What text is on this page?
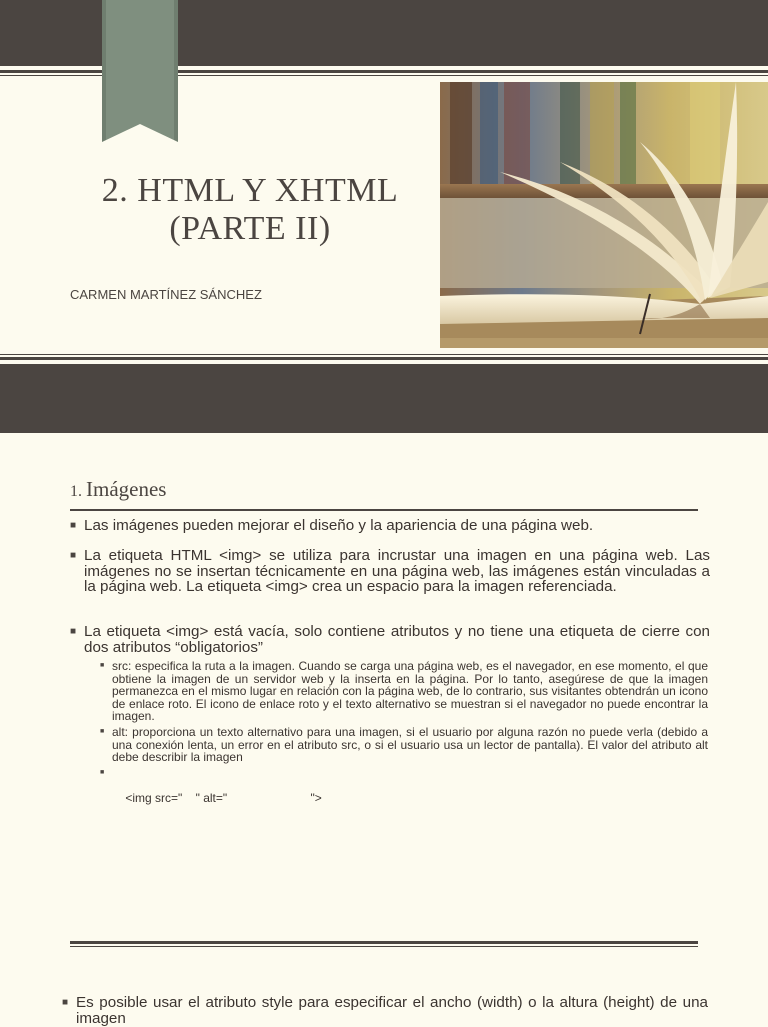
2. HTML Y XHTML
(PARTE II)
CARMEN MARTÍNEZ SÁNCHEZ
1. Imágenes
■ Las imágenes pueden mejorar el diseño y la apariencia de una página web.
■ La etiqueta HTML <img> se utiliza para incrustar una imagen en una página web. Las imágenes no se insertan técnicamente en una página web, las imágenes están vinculadas a la página web. La etiqueta <img> crea un espacio para la imagen referenciada.
■ La etiqueta <img> está vacía, solo contiene atributos y no tiene una etiqueta de cierre con dos atributos “obligatorios”
■ src: especifica la ruta a la imagen. Cuando se carga una página web, es el navegador, en ese momento, el que obtiene la imagen de un servidor web y la inserta en la página. Por lo tanto, asegúrese de que la imagen permanezca en el mismo lugar en relación con la página web, de lo contrario, sus visitantes obtendrán un icono de enlace roto. El icono de enlace roto y el texto alternativo se muestran si el navegador no puede encontrar la imagen.
■ alt: proporciona un texto alternativo para una imagen, si el usuario por alguna razón no puede verla (debido a una conexión lenta, un error en el atributo src, o si el usuario usa un lector de pantalla). El valor del atributo alt debe describir la imagen

■

<img src="    " alt="                         ">

■ Es posible usar el atributo style para especificar el ancho (width) o la altura (height) de una imagen
